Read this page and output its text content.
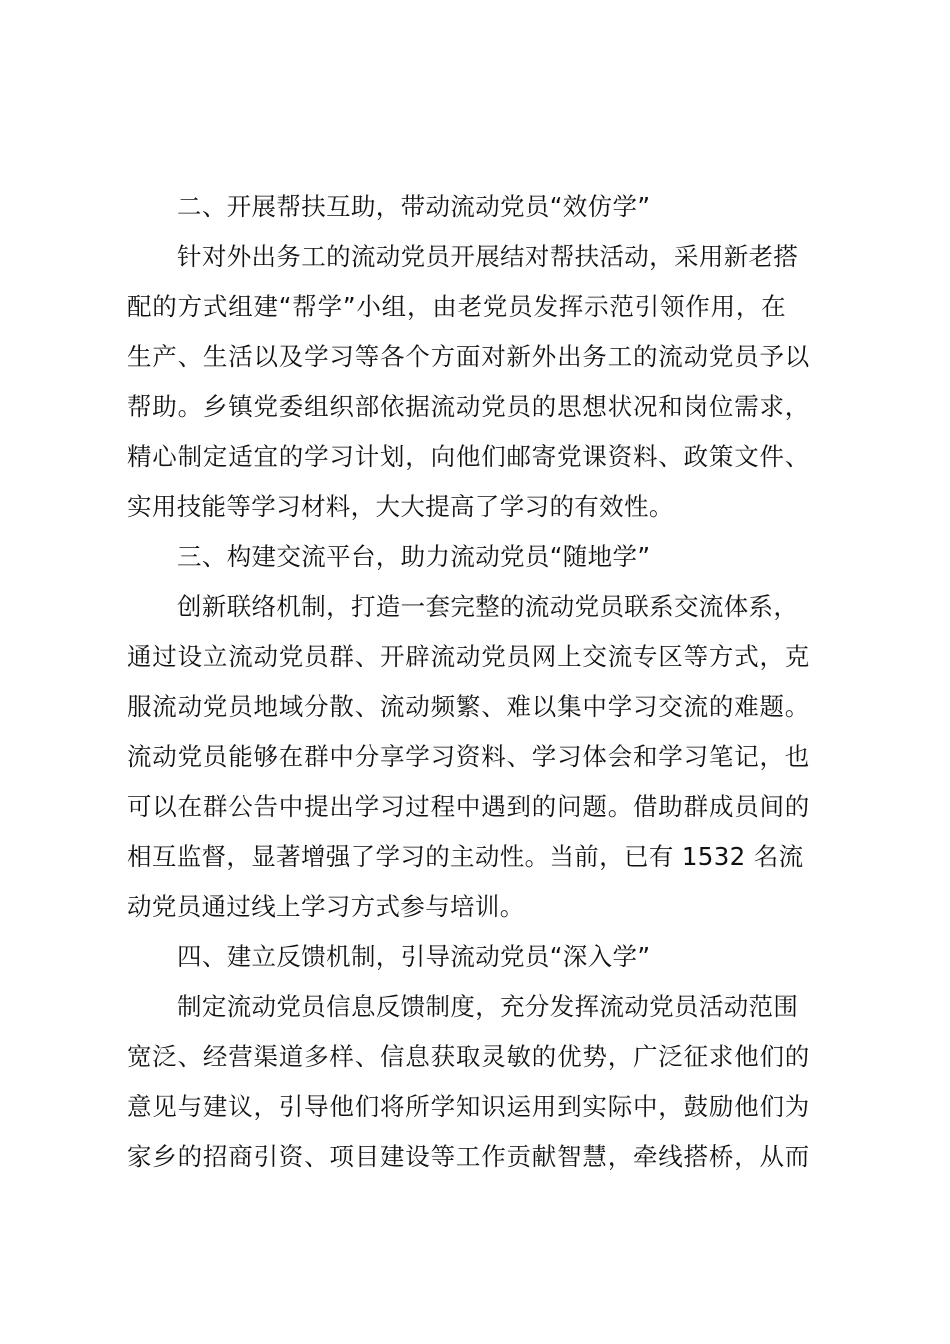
二、开展帮扶互助，带动流动党员“效仿学”
针对外出务工的流动党员开展结对帮扶活动，采用新老搭
配的方式组建“帮学”小组，由老党员发挥示范引领作用，在
生产、生活以及学习等各个方面对新外出务工的流动党员予以
帮助。乡镇党委组织部依据流动党员的思想状况和岗位需求，
精心制定适宜的学习计划，向他们邮寄党课资料、政策文件、
实用技能等学习材料，大大提高了学习的有效性。
三、构建交流平台，助力流动党员“随地学”
创新联络机制，打造一套完整的流动党员联系交流体系，
通过设立流动党员群、开辟流动党员网上交流专区等方式，克
服流动党员地域分散、流动频繁、难以集中学习交流的难题。
流动党员能够在群中分享学习资料、学习体会和学习笔记，也
可以在群公告中提出学习过程中遇到的问题。借助群成员间的
相互监督，显著增强了学习的主动性。当前，已有 1532 名流
动党员通过线上学习方式参与培训。
四、建立反馈机制，引导流动党员“深入学”
制定流动党员信息反馈制度，充分发挥流动党员活动范围
宽泛、经营渠道多样、信息获取灵敏的优势，广泛征求他们的
意见与建议，引导他们将所学知识运用到实际中，鼓励他们为
家乡的招商引资、项目建设等工作贡献智慧，牵线搭桥，从而
